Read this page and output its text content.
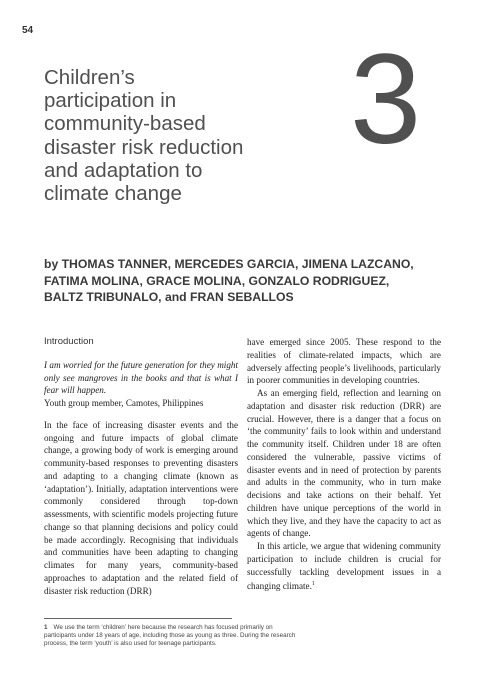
54
Children’s
participation in
community-based
disaster risk reduction
and adaptation to
climate change
3
by THOMAS TANNER, MERCEDES GARCIA, JIMENA LAZCANO,
FATIMA MOLINA, GRACE MOLINA, GONZALO RODRIGUEZ,
BALTZ TRIBUNALO, and FRAN SEBALLOS
Introduction

I am worried for the future generation for they might only see mangroves in the books and that is what I fear will happen.

Youth group member, Camotes, Philippines

In the face of increasing disaster events and the ongoing and future impacts of global climate change, a growing body of work is emerging around community-based responses to preventing disasters and adapting to a changing climate (known as ‘adaptation’). Initially, adaptation interventions were commonly considered through top-down assessments, with scientific models projecting future change so that planning decisions and policy could be made accordingly. Recognising that individuals and communities have been adapting to changing climates for many years, community-based approaches to adaptation and the related field of disaster risk reduction (DRR)

have emerged since 2005. These respond to the realities of climate-related impacts, which are adversely affecting people’s livelihoods, particularly in poorer communities in developing countries.

As an emerging field, reflection and learning on adaptation and disaster risk reduction (DRR) are crucial. However, there is a danger that a focus on ‘the community’ fails to look within and understand the community itself. Children under 18 are often considered the vulnerable, passive victims of disaster events and in need of protection by parents and adults in the community, who in turn make decisions and take actions on their behalf. Yet children have unique perceptions of the world in which they live, and they have the capacity to act as agents of change.

In this article, we argue that widening community participation to include children is crucial for successfully tackling development issues in a changing climate.$^1$

1 We use the term ‘children’ here because the research has focused primarily on participants under 18 years of age, including those as young as three. During the research process, the term ‘youth’ is also used for teenage participants.
